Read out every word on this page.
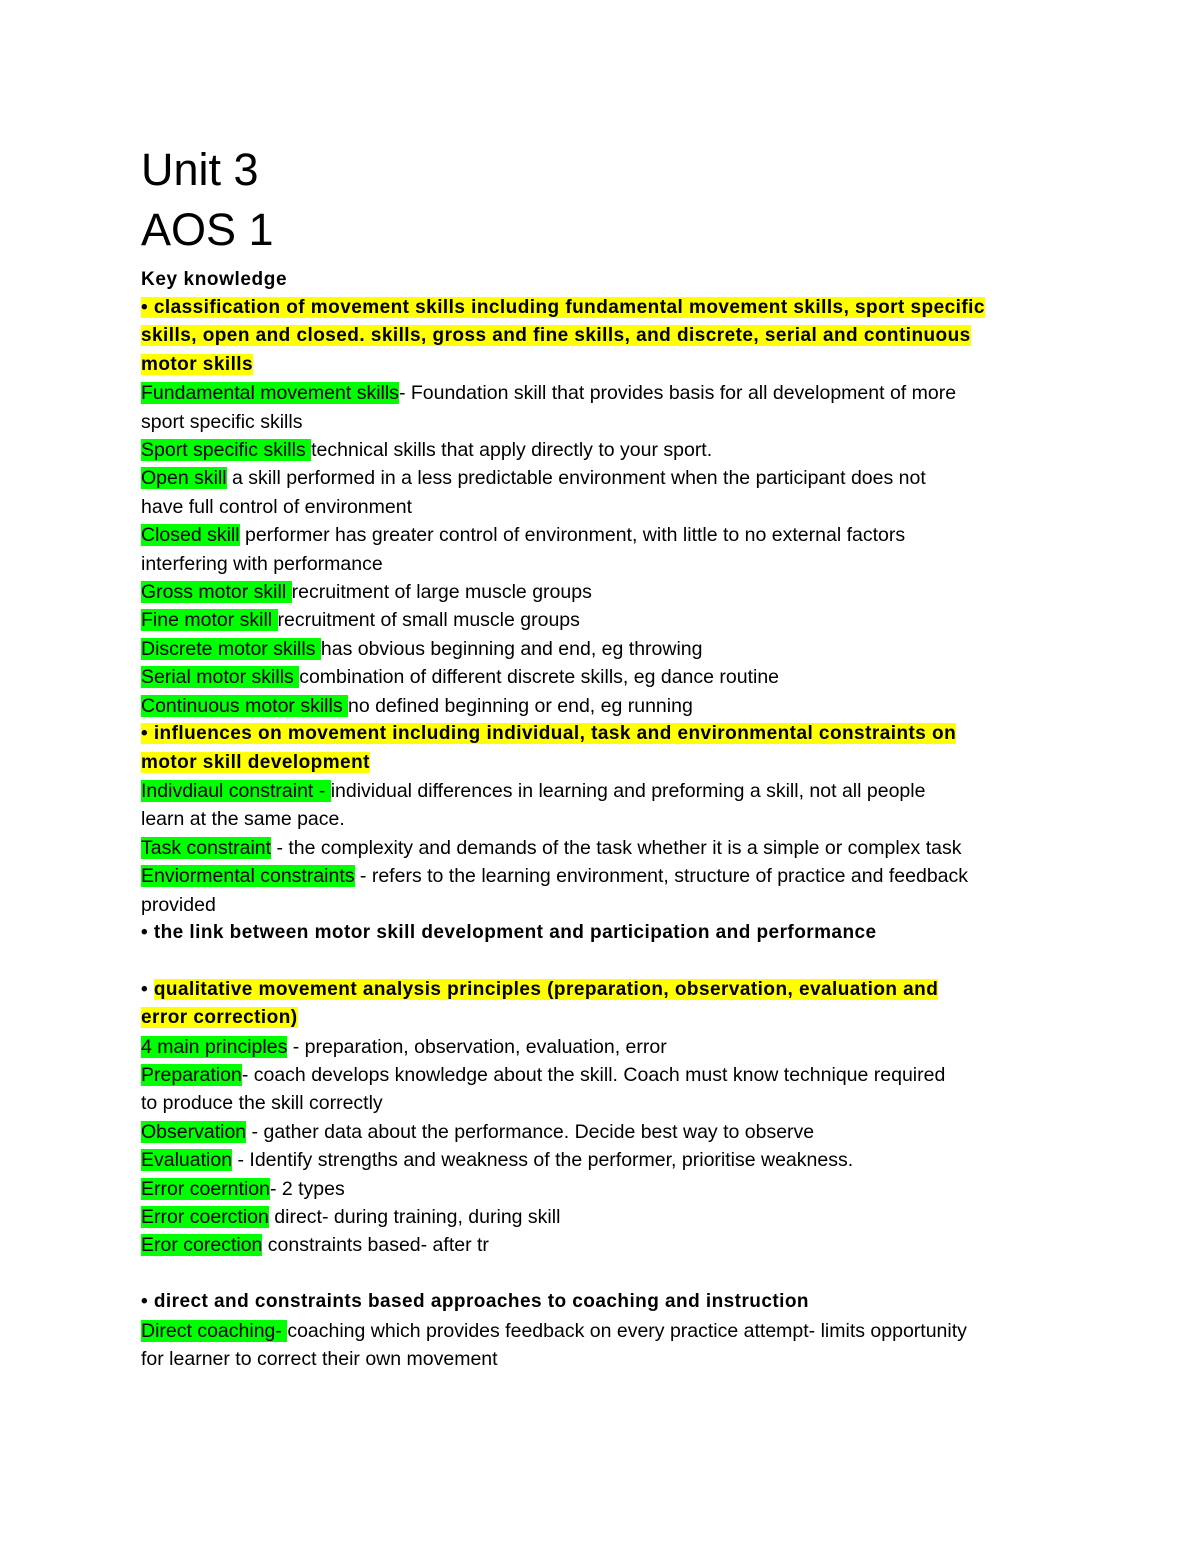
Unit 3
AOS 1
Key knowledge
• classification of movement skills including fundamental movement skills, sport specific
skills, open and closed. skills, gross and fine skills, and discrete, serial and continuous
motor skills
Fundamental movement skills- Foundation skill that provides basis for all development of more
sport specific skills
Sport specific skills technical skills that apply directly to your sport.
Open skill a skill performed in a less predictable environment when the participant does not
have full control of environment
Closed skill performer has greater control of environment, with little to no external factors
interfering with performance
Gross motor skill recruitment of large muscle groups
Fine motor skill recruitment of small muscle groups
Discrete motor skills has obvious beginning and end, eg throwing
Serial motor skills combination of different discrete skills, eg dance routine
Continuous motor skills no defined beginning or end, eg running
• influences on movement including individual, task and environmental constraints on
motor skill development
Indivdiaul constraint - individual differences in learning and preforming a skill, not all people
learn at the same pace.
Task constraint - the complexity and demands of the task whether it is a simple or complex task
Enviormental constraints - refers to the learning environment, structure of practice and feedback
provided
• the link between motor skill development and participation and performance
• qualitative movement analysis principles (preparation, observation, evaluation and
error correction)
4 main principles - preparation, observation, evaluation, error
Preparation- coach develops knowledge about the skill. Coach must know technique required
to produce the skill correctly
Observation - gather data about the performance. Decide best way to observe
Evaluation - Identify strengths and weakness of the performer, prioritise weakness.
Error coerntion- 2 types
Error coerction direct- during training, during skill
Eror corection constraints based- after tr
• direct and constraints based approaches to coaching and instruction
Direct coaching- coaching which provides feedback on every practice attempt- limits opportunity
for learner to correct their own movement
